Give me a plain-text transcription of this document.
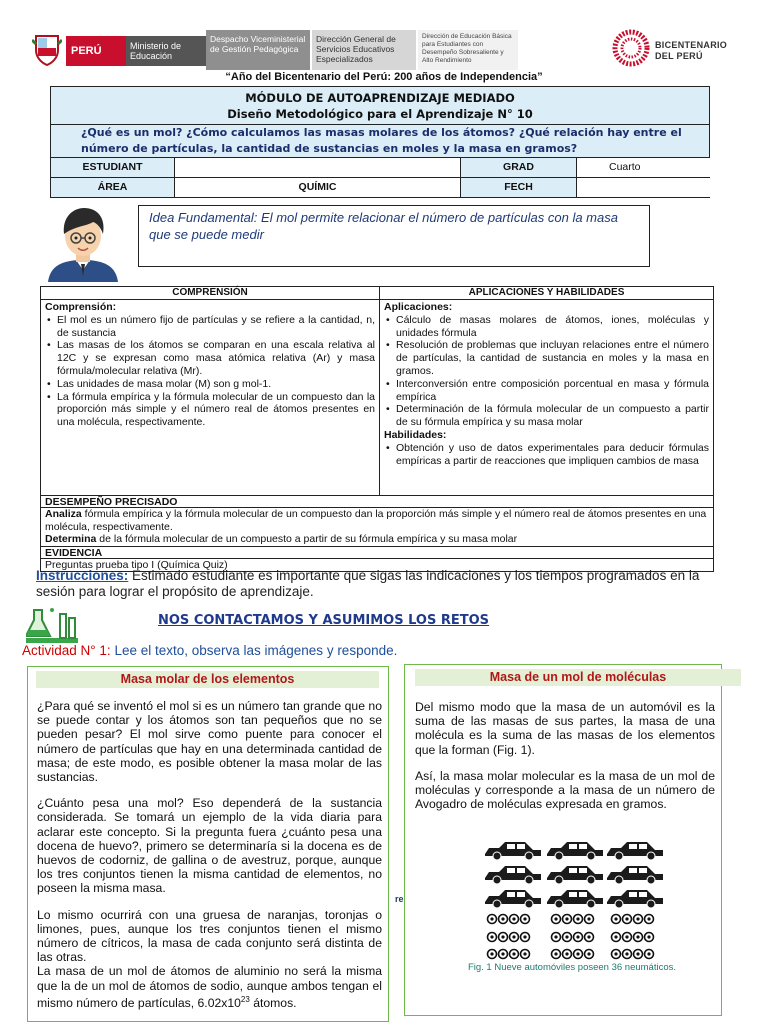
PERÚ	Ministerio de Educación
Despacho Viceministerial de Gestión Pedagógica
Dirección General de Servicios Educativos Especializados
Dirección de Educación Básica para Estudiantes con Desempeño Sobresaliente y Alto Rendimiento
BICENTENARIO DEL PERÚ
“Año del Bicentenario del Perú: 200 años de Independencia”
MÓDULO DE AUTOAPRENDIZAJE MEDIADO
Diseño Metodológico para el Aprendizaje N° 10
¿Qué es un mol? ¿Cómo calculamos las masas molares de los átomos? ¿Qué relación hay entre el número de partículas, la cantidad de sustancias en moles y la masa en gramos?
ESTUDIANT	GRAD	Cuarto
ÁREA	QUÍMIC	FECH
Idea Fundamental: El mol permite relacionar el número de partículas con la masa que se puede medir
COMPRENSIÓN	APLICACIONES Y HABILIDADES
Comprensión:
• El mol es un número fijo de partículas y se refiere a la cantidad, n, de sustancia
• Las masas de los átomos se comparan en una escala relativa al 12C y se expresan como masa atómica relativa (Ar) y masa fórmula/molecular relativa (Mr).
• Las unidades de masa molar (M) son g mol-1.
• La fórmula empírica y la fórmula molecular de un compuesto dan la proporción más simple y el número real de átomos presentes en una molécula, respectivamente.
Aplicaciones:
• Cálculo de masas molares de átomos, iones, moléculas y unidades fórmula
• Resolución de problemas que incluyan relaciones entre el número de partículas, la cantidad de sustancia en moles y la masa en gramos.
• Interconversión entre composición porcentual en masa y fórmula empírica
• Determinación de la fórmula molecular de un compuesto a partir de su fórmula empírica y su masa molar
Habilidades:
• Obtención y uso de datos experimentales para deducir fórmulas empíricas a partir de reacciones que impliquen cambios de masa
DESEMPEÑO PRECISADO
Analiza fórmula empírica y la fórmula molecular de un compuesto dan la proporción más simple y el número real de átomos presentes en una molécula, respectivamente.
Determina de la fórmula molecular de un compuesto a partir de su fórmula empírica y su masa molar
EVIDENCIA
Preguntas prueba tipo I (Química Quiz)
Instrucciones: Estimado estudiante es importante que sigas las indicaciones y los tiempos programados en la sesión para lograr el propósito de aprendizaje.
NOS CONTACTAMOS Y ASUMIMOS LOS RETOS
Actividad N° 1: Lee el texto, observa las imágenes y responde.
Masa molar de los elementos

¿Para qué se inventó el mol si es un número tan grande que no se puede contar y los átomos son tan pequeños que no se pueden pesar? El mol sirve como puente para conocer el número de partículas que hay en una determinada cantidad de masa; de este modo, es posible obtener la masa molar de las sustancias.

¿Cuánto pesa una mol? Eso dependerá de la sustancia considerada. Se tomará un ejemplo de la vida diaria para aclarar este concepto. Si la pregunta fuera ¿cuánto pesa una docena de huevo?, primero se determinaría si la docena es de huevos de codorniz, de gallina o de avestruz, porque, aunque los tres conjuntos tienen la misma cantidad de elementos, no poseen la misma masa.

Lo mismo ocurrirá con una gruesa de naranjas, toronjas o limones, pues, aunque los tres conjuntos tienen el mismo número de cítricos, la masa de cada conjunto será distinta de las otras.

La masa de un mol de átomos de aluminio no será la misma que la de un mol de átomos de sodio, aunque ambos tengan el mismo número de partículas, $6.02x10^{23}$ átomos.

re
Masa de un mol de moléculas

Del mismo modo que la masa de un automóvil es la suma de las masas de sus partes, la masa de una molécula es la suma de las masas de los elementos que la forman (Fig. 1).

Así, la masa molar molecular es la masa de un mol de moléculas y corresponde a la masa de un número de Avogadro de moléculas expresada en gramos.

Fig. 1 Nueve automóviles poseen 36 neumáticos.
